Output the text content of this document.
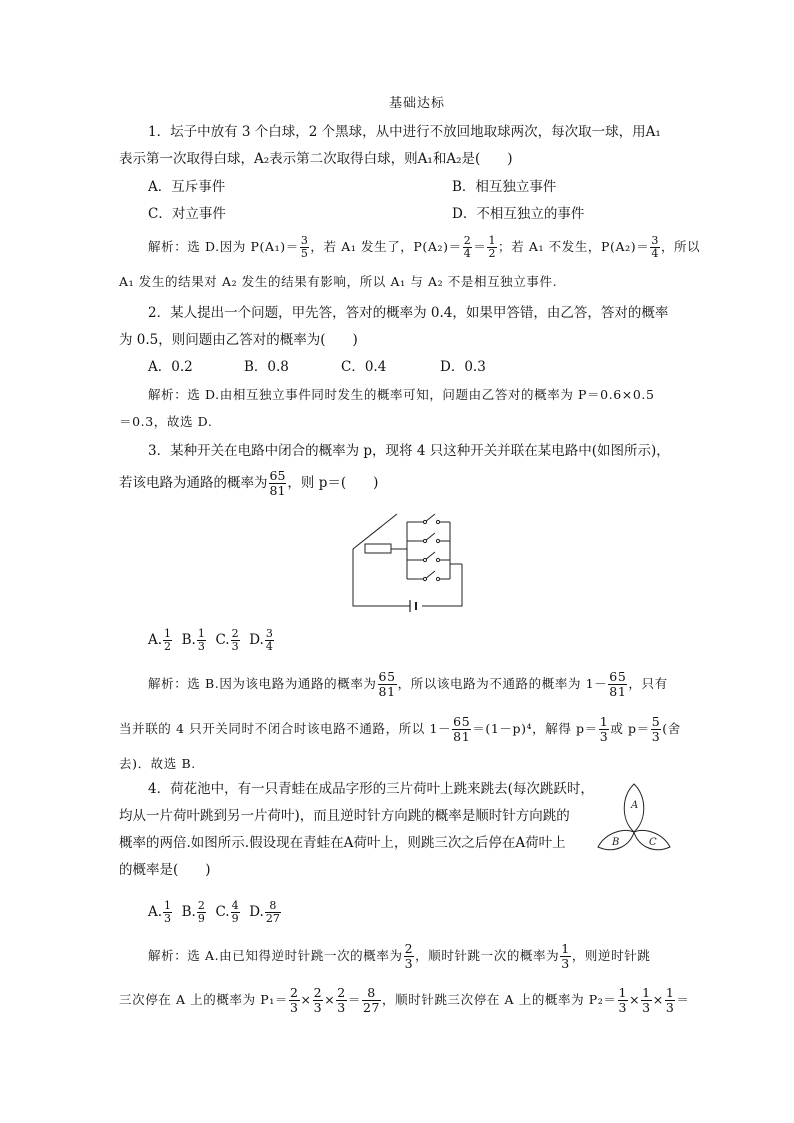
基础达标
1．坛子中放有 3 个白球，2 个黑球，从中进行不放回地取球两次，每次取一球，用A₁
表示第一次取得白球，A₂表示第二次取得白球，则A₁和A₂是(　　)
A．互斥事件	B．相互独立事件
C．对立事件	D．不相互独立的事件
解析：选 D.因为 $P(A_1)= \frac{3}{5}$ ，若 A₁ 发生了，$P(A_2)= \frac{2}{4} = \frac{1}{2}$ ；若 A₁ 不发生，$P(A_2)= \frac{3}{4}$ ，所以
A₁ 发生的结果对 A₂ 发生的结果有影响，所以 A₁ 与 A₂ 不是相互独立事件.
2．某人提出一个问题，甲先答，答对的概率为 0.4，如果甲答错，由乙答，答对的概率
为 0.5，则问题由乙答对的概率为(　　)
A．0.2	B．0.8	C．0.4	D．0.3
解析：选 D.由相互独立事件同时发生的概率可知，问题由乙答对的概率为 P＝0.6×0.5
＝0.3，故选 D.
3．某种开关在电路中闭合的概率为 p，现将 4 只这种开关并联在某电路中(如图所示)，
若该电路为通路的概率为 $\frac{65}{81}$ ，则 p＝(　　)
A. $\frac{1}{2} B$. $\frac{1}{3} C$. $\frac{2}{3} D$. $\frac{3}{4}$
解析：选 B.因为该电路为通路的概率为 $\frac{65}{81}$ ，所以该电路为不通路的概率为 $1- \frac{65}{81}$ ，只有
当并联的 4 只开关同时不闭合时该电路不通路，所以 $1- \frac{65}{81} =(1-p)^4$，解得 $p= \frac{1}{3}$ 或 $p= \frac{5}{3}$ (舍
去)．故选 B.
4．荷花池中，有一只青蛙在成品字形的三片荷叶上跳来跳去(每次跳跃时，
均从一片荷叶跳到另一片荷叶)，而且逆时针方向跳的概率是顺时针方向跳的
概率的两倍.如图所示.假设现在青蛙在A荷叶上，则跳三次之后停在A荷叶上
的概率是(　　)
A
B	C
A. $\frac{1}{3} B$. $\frac{2}{9} C$. $\frac{4}{9} D$. $\frac{8}{27}$
解析：选 A.由已知得逆时针跳一次的概率为 $\frac{2}{3}$ ，顺时针跳一次的概率为 $\frac{1}{3}$ ，则逆时针跳
三次停在 A 上的概率为 $P_1= \frac{2}{3} \times \frac{2}{3} \times \frac{2}{3} = \frac{8}{27}$ ，顺时针跳三次停在 A 上的概率为 $P_2= \frac{1}{3} \times \frac{1}{3} \times \frac{1}{3}$ ＝
